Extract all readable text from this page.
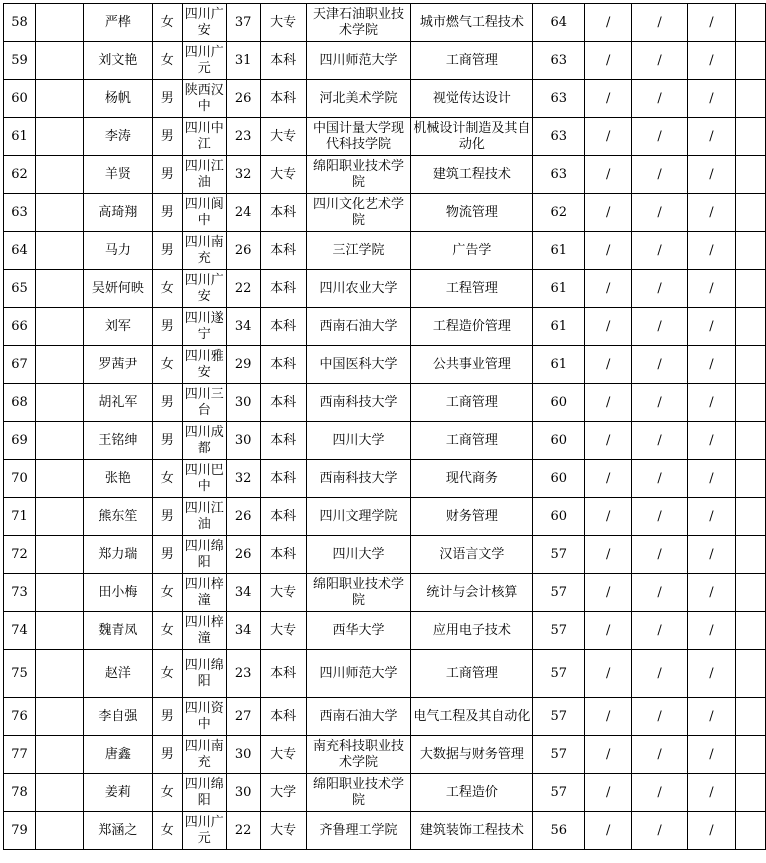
58		严桦	女	四川广安	37	大专	天津石油职业技术学院	城市燃气工程技术	64	/	/	/	
59		刘文艳	女	四川广元	31	本科	四川师范大学	工商管理	63	/	/	/	
60		杨帆	男	陕西汉中	26	本科	河北美术学院	视觉传达设计	63	/	/	/	
61		李涛	男	四川中江	23	大专	中国计量大学现代科技学院	机械设计制造及其自动化	63	/	/	/	
62		羊贤	男	四川江油	32	大专	绵阳职业技术学院	建筑工程技术	63	/	/	/	
63		高琦翔	男	四川阆中	24	本科	四川文化艺术学院	物流管理	62	/	/	/	
64		马力	男	四川南充	26	本科	三江学院	广告学	61	/	/	/	
65		吴妍何映	女	四川广安	22	本科	四川农业大学	工程管理	61	/	/	/	
66		刘军	男	四川遂宁	34	本科	西南石油大学	工程造价管理	61	/	/	/	
67		罗茜尹	女	四川雅安	29	本科	中国医科大学	公共事业管理	61	/	/	/	
68		胡礼军	男	四川三台	30	本科	西南科技大学	工商管理	60	/	/	/	
69		王铭绅	男	四川成都	30	本科	四川大学	工商管理	60	/	/	/	
70		张艳	女	四川巴中	32	本科	西南科技大学	现代商务	60	/	/	/	
71		熊东笙	男	四川江油	26	本科	四川文理学院	财务管理	60	/	/	/	
72		郑力瑞	男	四川绵阳	26	本科	四川大学	汉语言文学	57	/	/	/	
73		田小梅	女	四川梓潼	34	大专	绵阳职业技术学院	统计与会计核算	57	/	/	/	
74		魏青凤	女	四川梓潼	34	大专	西华大学	应用电子技术	57	/	/	/	
75		赵洋	女	四川绵阳	23	本科	四川师范大学	工商管理	57	/	/	/	
76		李自强	男	四川资中	27	本科	西南石油大学	电气工程及其自动化	57	/	/	/	
77		唐鑫	男	四川南充	30	大专	南充科技职业技术学院	大数据与财务管理	57	/	/	/	
78		姜莉	女	四川绵阳	30	大学	绵阳职业技术学院	工程造价	57	/	/	/	
79		郑涵之	女	四川广元	22	大专	齐鲁理工学院	建筑装饰工程技术	56	/	/	/	
